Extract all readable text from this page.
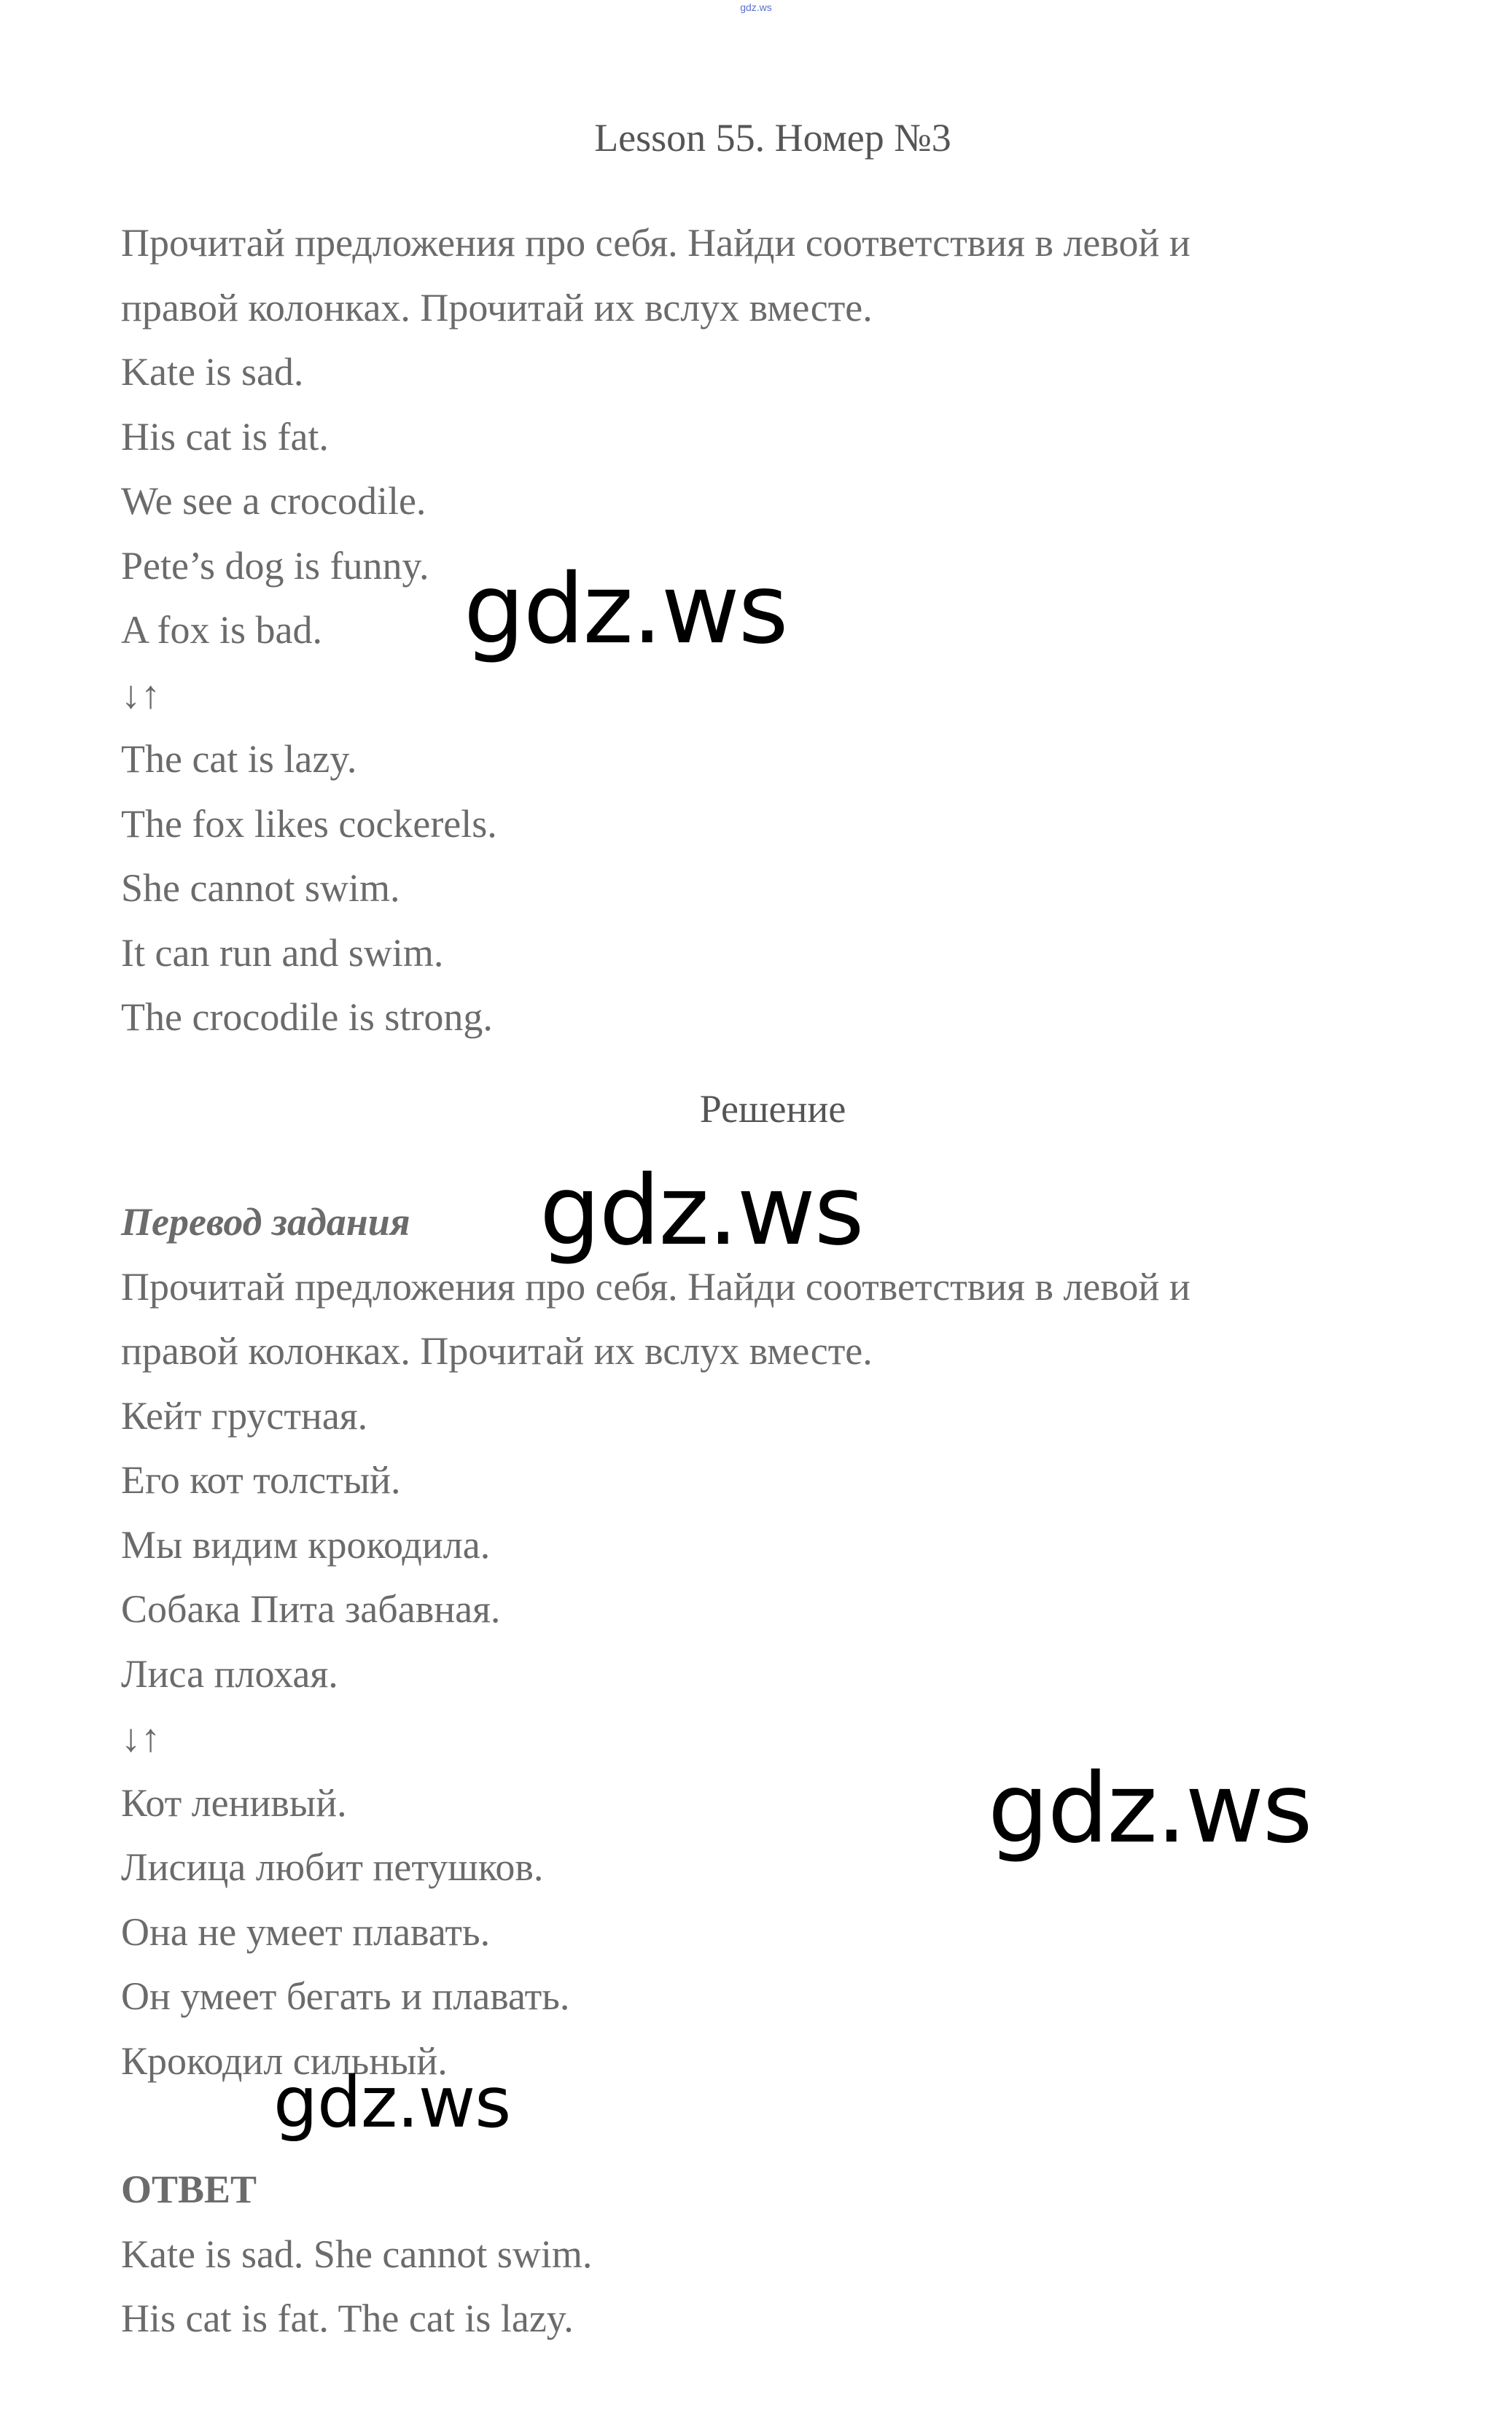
gdz.ws
Lesson 55. Номер №3
Прочитай предложения про себя. Найди соответствия в левой и
правой колонках. Прочитай их вслух вместе.
Kate is sad.
His cat is fat.
We see a crocodile.
Pete’s dog is funny.
A fox is bad.
↓↑
The cat is lazy.
The fox likes cockerels.
She cannot swim.
It can run and swim.
The crocodile is strong.
Решение
Перевод задания
Прочитай предложения про себя. Найди соответствия в левой и
правой колонках. Прочитай их вслух вместе.
Кейт грустная.
Его кот толстый.
Мы видим крокодила.
Собака Пита забавная.
Лиса плохая.
↓↑
Кот ленивый.
Лисица любит петушков.
Она не умеет плавать.
Он умеет бегать и плавать.
Крокодил сильный.
ОТВЕТ
Kate is sad. She cannot swim.
His cat is fat. The cat is lazy.
gdz.ws
gdz.ws
gdz.ws
gdz.ws
